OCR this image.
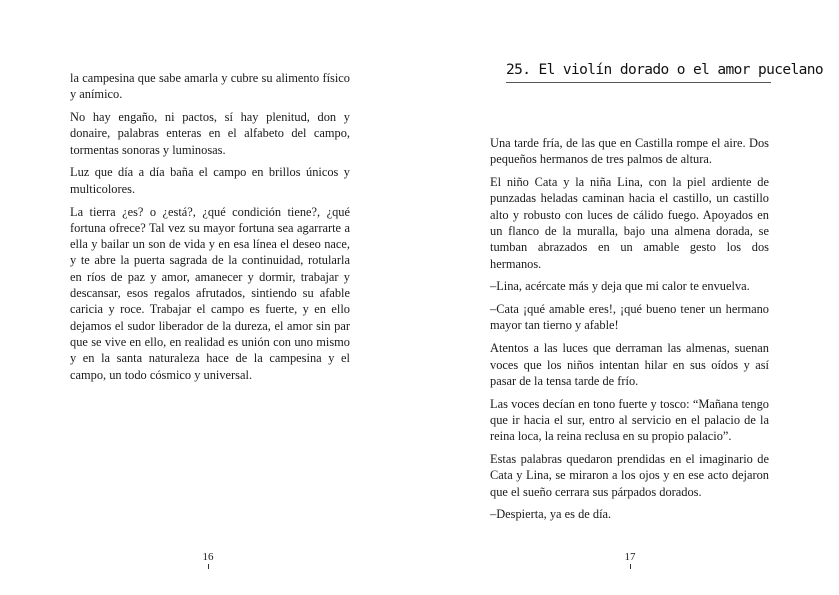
la campesina que sabe amarla y cubre su alimento físico y anímico.

No hay engaño, ni pactos, sí hay plenitud, don y donaire, palabras enteras en el alfabeto del campo, tormentas sonoras y luminosas.

Luz que día a día baña el campo en brillos únicos y multicolores.

La tierra ¿es? o ¿está?, ¿qué condición tiene?, ¿qué fortuna ofrece? Tal vez su mayor fortuna sea agarrarte a ella y bailar un son de vida y en esa línea el deseo nace, y te abre la puerta sagrada de la continuidad, rotularla en ríos de paz y amor, amanecer y dormir, trabajar y descansar, esos regalos afrutados, sintiendo su afable caricia y roce. Trabajar el campo es fuerte, y en ello dejamos el sudor liberador de la dureza, el amor sin par que se vive en ello, en realidad es unión con uno mismo y en la santa naturaleza hace de la campesina y el campo, un todo cósmico y universal.

16
25. El violín dorado o el amor pucelano

Una tarde fría, de las que en Castilla rompe el aire. Dos pequeños hermanos de tres palmos de altura.

El niño Cata y la niña Lina, con la piel ardiente de punzadas heladas caminan hacia el castillo, un castillo alto y robusto con luces de cálido fuego. Apoyados en un flanco de la muralla, bajo una almena dorada, se tumban abrazados en un amable gesto los dos hermanos.

–Lina, acércate más y deja que mi calor te envuelva.

–Cata ¡qué amable eres!, ¡qué bueno tener un hermano mayor tan tierno y afable!

Atentos a las luces que derraman las almenas, suenan voces que los niños intentan hilar en sus oídos y así pasar de la tensa tarde de frío.

Las voces decían en tono fuerte y tosco: “Mañana tengo que ir hacia el sur, entro al servicio en el palacio de la reina loca, la reina reclusa en su propio palacio”.

Estas palabras quedaron prendidas en el imaginario de Cata y Lina, se miraron a los ojos y en ese acto dejaron que el sueño cerrara sus párpados dorados.

–Despierta, ya es de día.

17
